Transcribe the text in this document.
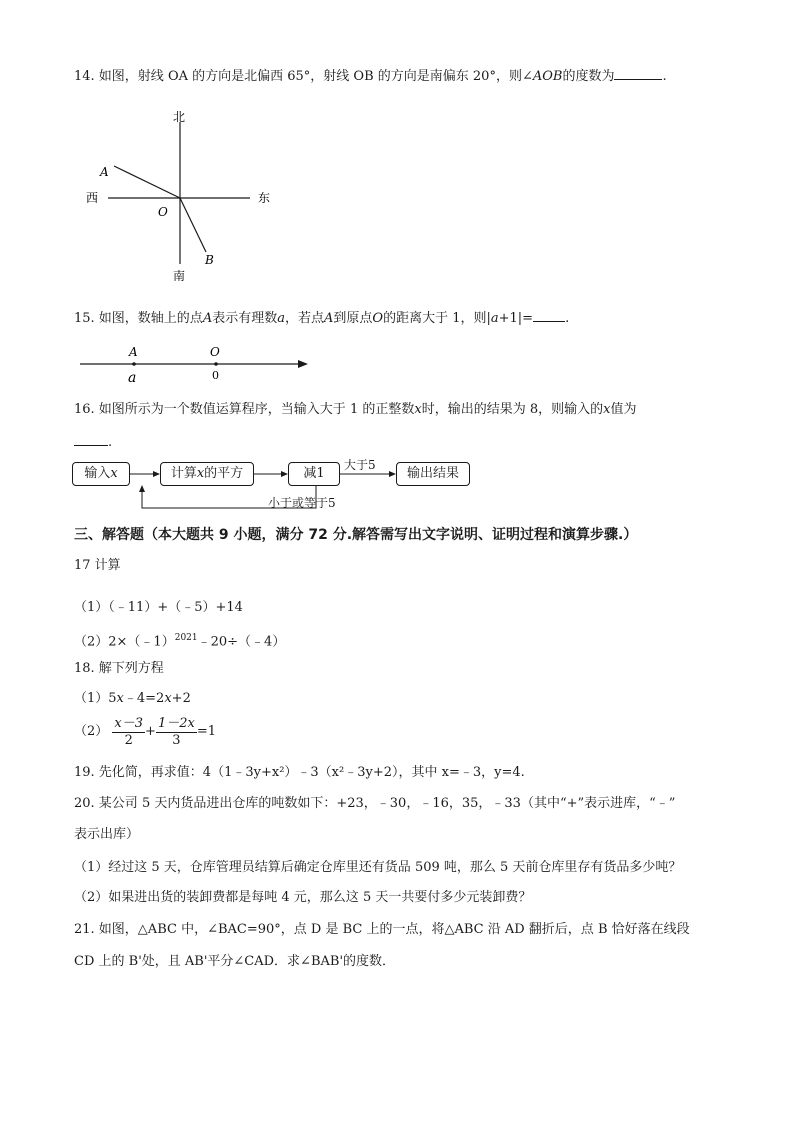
14. 如图，射线 OA 的方向是北偏西 65°，射线 OB 的方向是南偏东 20°，则∠AOB的度数为	.
北
南
西	东
A
O
B
15. 如图，数轴上的点A表示有理数a，若点A到原点O的距离大于 1，则|a+1|= .
A	O
a	0
16. 如图所示为一个数值运算程序，当输入大于 1 的正整数x时，输出的结果为 8，则输入的x值为
.
输入x	计算x的平方	减1	输出结果
大于5
小于或等于5
三、解答题（本大题共 9 小题，满分 72 分.解答需写出文字说明、证明过程和演算步骤.）
17 计算
（1）（﹣11）+（﹣5）+14
（2）2×（﹣1）$^{2021}$﹣20÷（﹣4）
18. 解下列方程
（1）5x﹣4=2x+2
$(2) \frac{x-3}{2} + \frac{1-2x}{3} =1$
19. 先化简，再求值：4（1﹣3y+x²）﹣3（x²﹣3y+2），其中 x=﹣3，y=4.
20. 某公司 5 天内货品进出仓库的吨数如下：+23，﹣30，﹣16，35，﹣33（其中“+”表示进库，“﹣”
表示出库）
（1）经过这 5 天，仓库管理员结算后确定仓库里还有货品 509 吨，那么 5 天前仓库里存有货品多少吨？
（2）如果进出货的装卸费都是每吨 4 元，那么这 5 天一共要付多少元装卸费？
21. 如图，△ABC 中，∠BAC=90°，点 D 是 BC 上的一点，将△ABC 沿 AD 翻折后，点 B 恰好落在线段
CD 上的 B'处，且 AB'平分∠CAD．求∠BAB'的度数．
